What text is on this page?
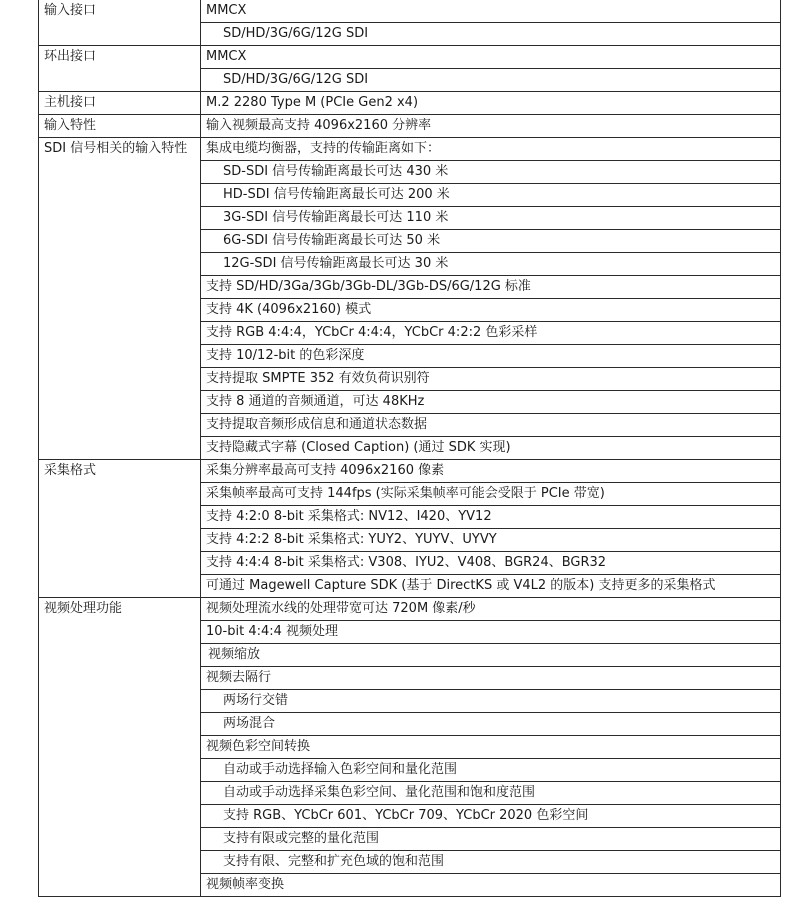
输入接口	MMCX
	SD/HD/3G/6G/12G SDI
环出接口	MMCX
	SD/HD/3G/6G/12G SDI
主机接口	M.2 2280 Type M (PCIe Gen2 x4)
输入特性	输入视频最高支持 4096x2160 分辨率
SDI 信号相关的输入特性	集成电缆均衡器，支持的传输距离如下：
	SD-SDI 信号传输距离最长可达 430 米
	HD-SDI 信号传输距离最长可达 200 米
	3G-SDI 信号传输距离最长可达 110 米
	6G-SDI 信号传输距离最长可达 50 米
	12G-SDI 信号传输距离最长可达 30 米
	支持 SD/HD/3Ga/3Gb/3Gb-DL/3Gb-DS/6G/12G 标准
	支持 4K (4096x2160) 模式
	支持 RGB 4:4:4，YCbCr 4:4:4，YCbCr 4:2:2 色彩采样
	支持 10/12-bit 的色彩深度
	支持提取 SMPTE 352 有效负荷识别符
	支持 8 通道的音频通道，可达 48KHz
	支持提取音频形成信息和通道状态数据
	支持隐藏式字幕 (Closed Caption) (通过 SDK 实现)
采集格式	采集分辨率最高可支持 4096x2160 像素
	采集帧率最高可支持 144fps (实际采集帧率可能会受限于 PCIe 带宽)
	支持 4:2:0 8-bit 采集格式: NV12、I420、YV12
	支持 4:2:2 8-bit 采集格式: YUY2、YUYV、UYVY
	支持 4:4:4 8-bit 采集格式: V308、IYU2、V408、BGR24、BGR32
	可通过 Magewell Capture SDK (基于 DirectKS 或 V4L2 的版本) 支持更多的采集格式
视频处理功能	视频处理流水线的处理带宽可达 720M 像素/秒
	10-bit 4:4:4 视频处理
	视频缩放
	视频去隔行
	两场行交错
	两场混合
	视频色彩空间转换
	自动或手动选择输入色彩空间和量化范围
	自动或手动选择采集色彩空间、量化范围和饱和度范围
	支持 RGB、YCbCr 601、YCbCr 709、YCbCr 2020 色彩空间
	支持有限或完整的量化范围
	支持有限、完整和扩充色域的饱和范围
	视频帧率变换
